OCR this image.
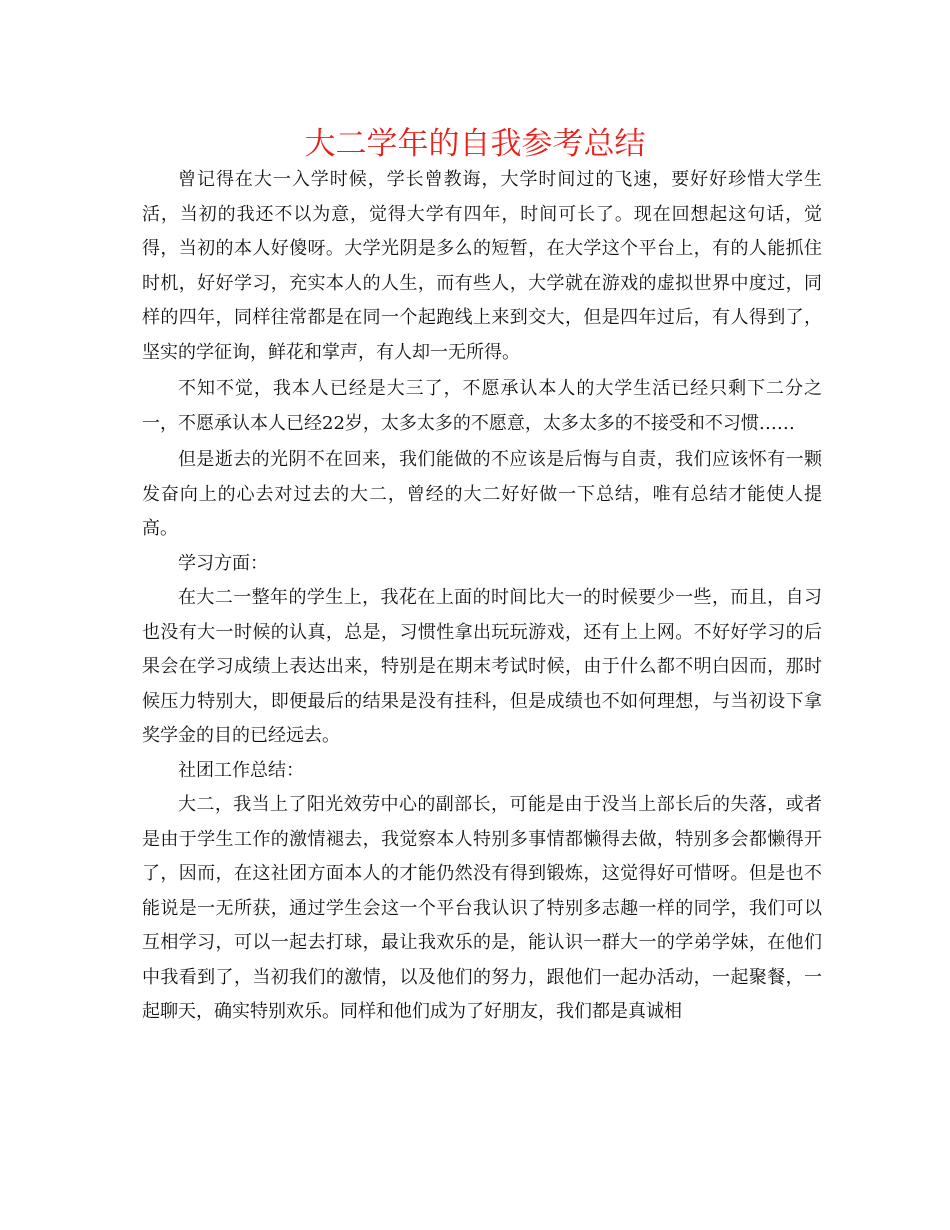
大二学年的自我参考总结

曾记得在大一入学时候，学长曾教诲，大学时间过的飞速，要好好珍惜大学生活，当初的我还不以为意，觉得大学有四年，时间可长了。现在回想起这句话，觉得，当初的本人好傻呀。大学光阴是多么的短暂，在大学这个平台上，有的人能抓住时机，好好学习，充实本人的人生，而有些人，大学就在游戏的虚拟世界中度过，同样的四年，同样往常都是在同一个起跑线上来到交大，但是四年过后，有人得到了，坚实的学征询，鲜花和掌声，有人却一无所得。

不知不觉，我本人已经是大三了，不愿承认本人的大学生活已经只剩下二分之一，不愿承认本人已经22岁，太多太多的不愿意，太多太多的不接受和不习惯……

但是逝去的光阴不在回来，我们能做的不应该是后悔与自责，我们应该怀有一颗发奋向上的心去对过去的大二，曾经的大二好好做一下总结，唯有总结才能使人提高。

学习方面：

在大二一整年的学生上，我花在上面的时间比大一的时候要少一些，而且，自习也没有大一时候的认真，总是，习惯性拿出玩玩游戏，还有上上网。不好好学习的后果会在学习成绩上表达出来，特别是在期末考试时候，由于什么都不明白因而，那时候压力特别大，即便最后的结果是没有挂科，但是成绩也不如何理想，与当初设下拿奖学金的目的已经远去。

社团工作总结：

大二，我当上了阳光效劳中心的副部长，可能是由于没当上部长后的失落，或者是由于学生工作的激情褪去，我觉察本人特别多事情都懒得去做，特别多会都懒得开了，因而，在这社团方面本人的才能仍然没有得到锻炼，这觉得好可惜呀。但是也不能说是一无所获，通过学生会这一个平台我认识了特别多志趣一样的同学，我们可以互相学习，可以一起去打球，最让我欢乐的是，能认识一群大一的学弟学妹，在他们中我看到了，当初我们的激情，以及他们的努力，跟他们一起办活动，一起聚餐，一起聊天，确实特别欢乐。同样和他们成为了好朋友，我们都是真诚相
